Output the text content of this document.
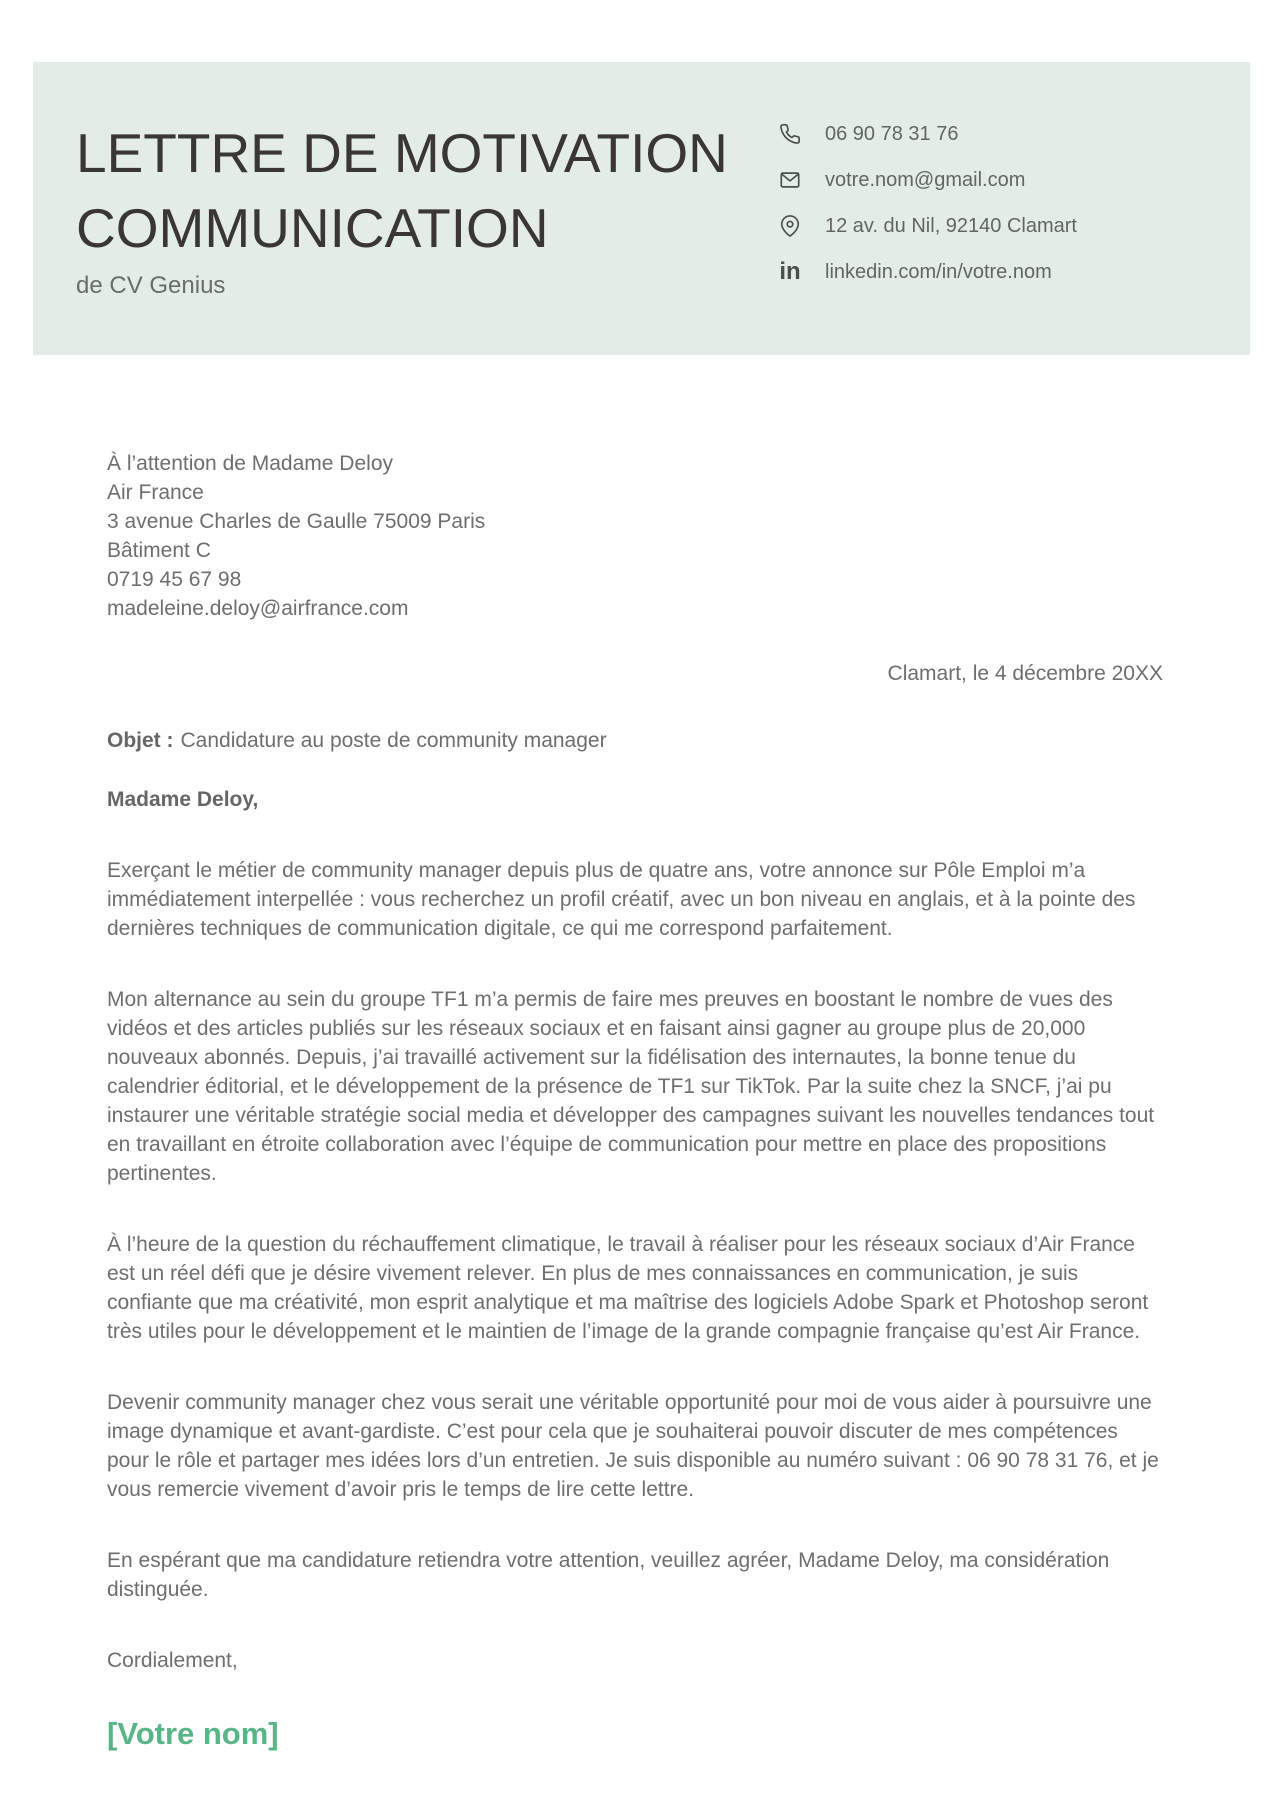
LETTRE DE MOTIVATION
COMMUNICATION
de CV Genius
06 90 78 31 76
votre.nom@gmail.com
12 av. du Nil, 92140 Clamart
in linkedin.com/in/votre.nom
À l’attention de Madame Deloy
Air France
3 avenue Charles de Gaulle 75009 Paris
Bâtiment C
0719 45 67 98
madeleine.deloy@airfrance.com
Clamart, le 4 décembre 20XX
Objet : Candidature au poste de community manager
Madame Deloy,

Exerçant le métier de community manager depuis plus de quatre ans, votre annonce sur Pôle Emploi m’a immédiatement interpellée : vous recherchez un profil créatif, avec un bon niveau en anglais, et à la pointe des dernières techniques de communication digitale, ce qui me correspond parfaitement.

Mon alternance au sein du groupe TF1 m’a permis de faire mes preuves en boostant le nombre de vues des vidéos et des articles publiés sur les réseaux sociaux et en faisant ainsi gagner au groupe plus de 20,000 nouveaux abonnés. Depuis, j’ai travaillé activement sur la fidélisation des internautes, la bonne tenue du calendrier éditorial, et le développement de la présence de TF1 sur TikTok. Par la suite chez la SNCF, j’ai pu instaurer une véritable stratégie social media et développer des campagnes suivant les nouvelles tendances tout en travaillant en étroite collaboration avec l’équipe de communication pour mettre en place des propositions pertinentes.

À l’heure de la question du réchauffement climatique, le travail à réaliser pour les réseaux sociaux d’Air France est un réel défi que je désire vivement relever. En plus de mes connaissances en communication, je suis confiante que ma créativité, mon esprit analytique et ma maîtrise des logiciels Adobe Spark et Photoshop seront très utiles pour le développement et le maintien de l’image de la grande compagnie française qu’est Air France.

Devenir community manager chez vous serait une véritable opportunité pour moi de vous aider à poursuivre une image dynamique et avant-gardiste. C’est pour cela que je souhaiterai pouvoir discuter de mes compétences pour le rôle et partager mes idées lors d’un entretien. Je suis disponible au numéro suivant : 06 90 78 31 76, et je vous remercie vivement d’avoir pris le temps de lire cette lettre.

En espérant que ma candidature retiendra votre attention, veuillez agréer, Madame Deloy, ma considération distinguée.

Cordialement,
[Votre nom]
